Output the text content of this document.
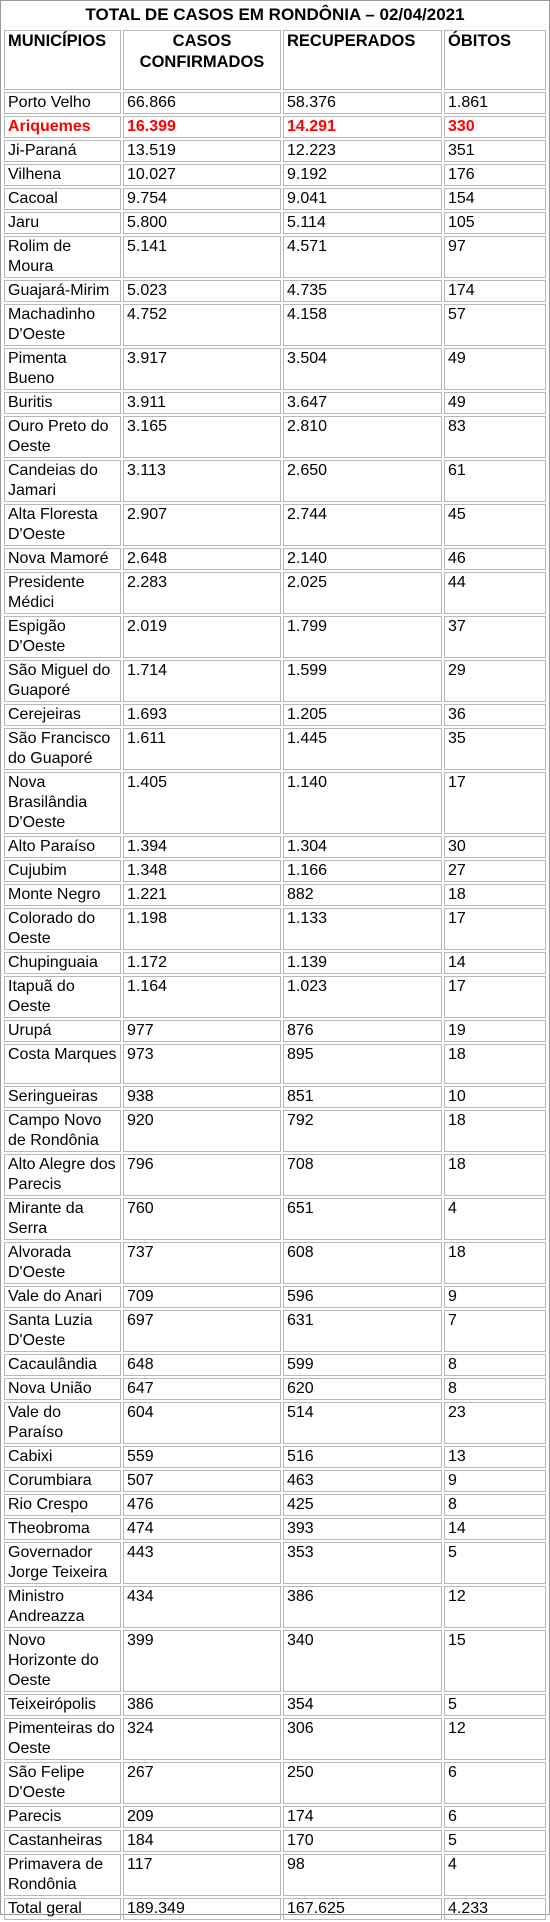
TOTAL DE CASOS EM RONDÔNIA – 02/04/2021
MUNICÍPIOS	CASOS CONFIRMADOS	RECUPERADOS	ÓBITOS
Porto Velho	66.866	58.376	1.861
Ariquemes	16.399	14.291	330
Ji-Paraná	13.519	12.223	351
Vilhena	10.027	9.192	176
Cacoal	9.754	9.041	154
Jaru	5.800	5.114	105
Rolim de Moura	5.141	4.571	97
Guajará-Mirim	5.023	4.735	174
Machadinho D'Oeste	4.752	4.158	57
Pimenta Bueno	3.917	3.504	49
Buritis	3.911	3.647	49
Ouro Preto do Oeste	3.165	2.810	83
Candeias do Jamari	3.113	2.650	61
Alta Floresta D'Oeste	2.907	2.744	45
Nova Mamoré	2.648	2.140	46
Presidente Médici	2.283	2.025	44
Espigão D'Oeste	2.019	1.799	37
São Miguel do Guaporé	1.714	1.599	29
Cerejeiras	1.693	1.205	36
São Francisco do Guaporé	1.611	1.445	35
Nova Brasilândia D'Oeste	1.405	1.140	17
Alto Paraíso	1.394	1.304	30
Cujubim	1.348	1.166	27
Monte Negro	1.221	882	18
Colorado do Oeste	1.198	1.133	17
Chupinguaia	1.172	1.139	14
Itapuã do Oeste	1.164	1.023	17
Urupá	977	876	19
Costa Marques	973	895	18
Seringueiras	938	851	10
Campo Novo de Rondônia	920	792	18
Alto Alegre dos Parecis	796	708	18
Mirante da Serra	760	651	4
Alvorada D'Oeste	737	608	18
Vale do Anari	709	596	9
Santa Luzia D'Oeste	697	631	7
Cacaulândia	648	599	8
Nova União	647	620	8
Vale do Paraíso	604	514	23
Cabixi	559	516	13
Corumbiara	507	463	9
Rio Crespo	476	425	8
Theobroma	474	393	14
Governador Jorge Teixeira	443	353	5
Ministro Andreazza	434	386	12
Novo Horizonte do Oeste	399	340	15
Teixeirópolis	386	354	5
Pimenteiras do Oeste	324	306	12
São Felipe D'Oeste	267	250	6
Parecis	209	174	6
Castanheiras	184	170	5
Primavera de Rondônia	117	98	4
Total geral	189.349	167.625	4.233
